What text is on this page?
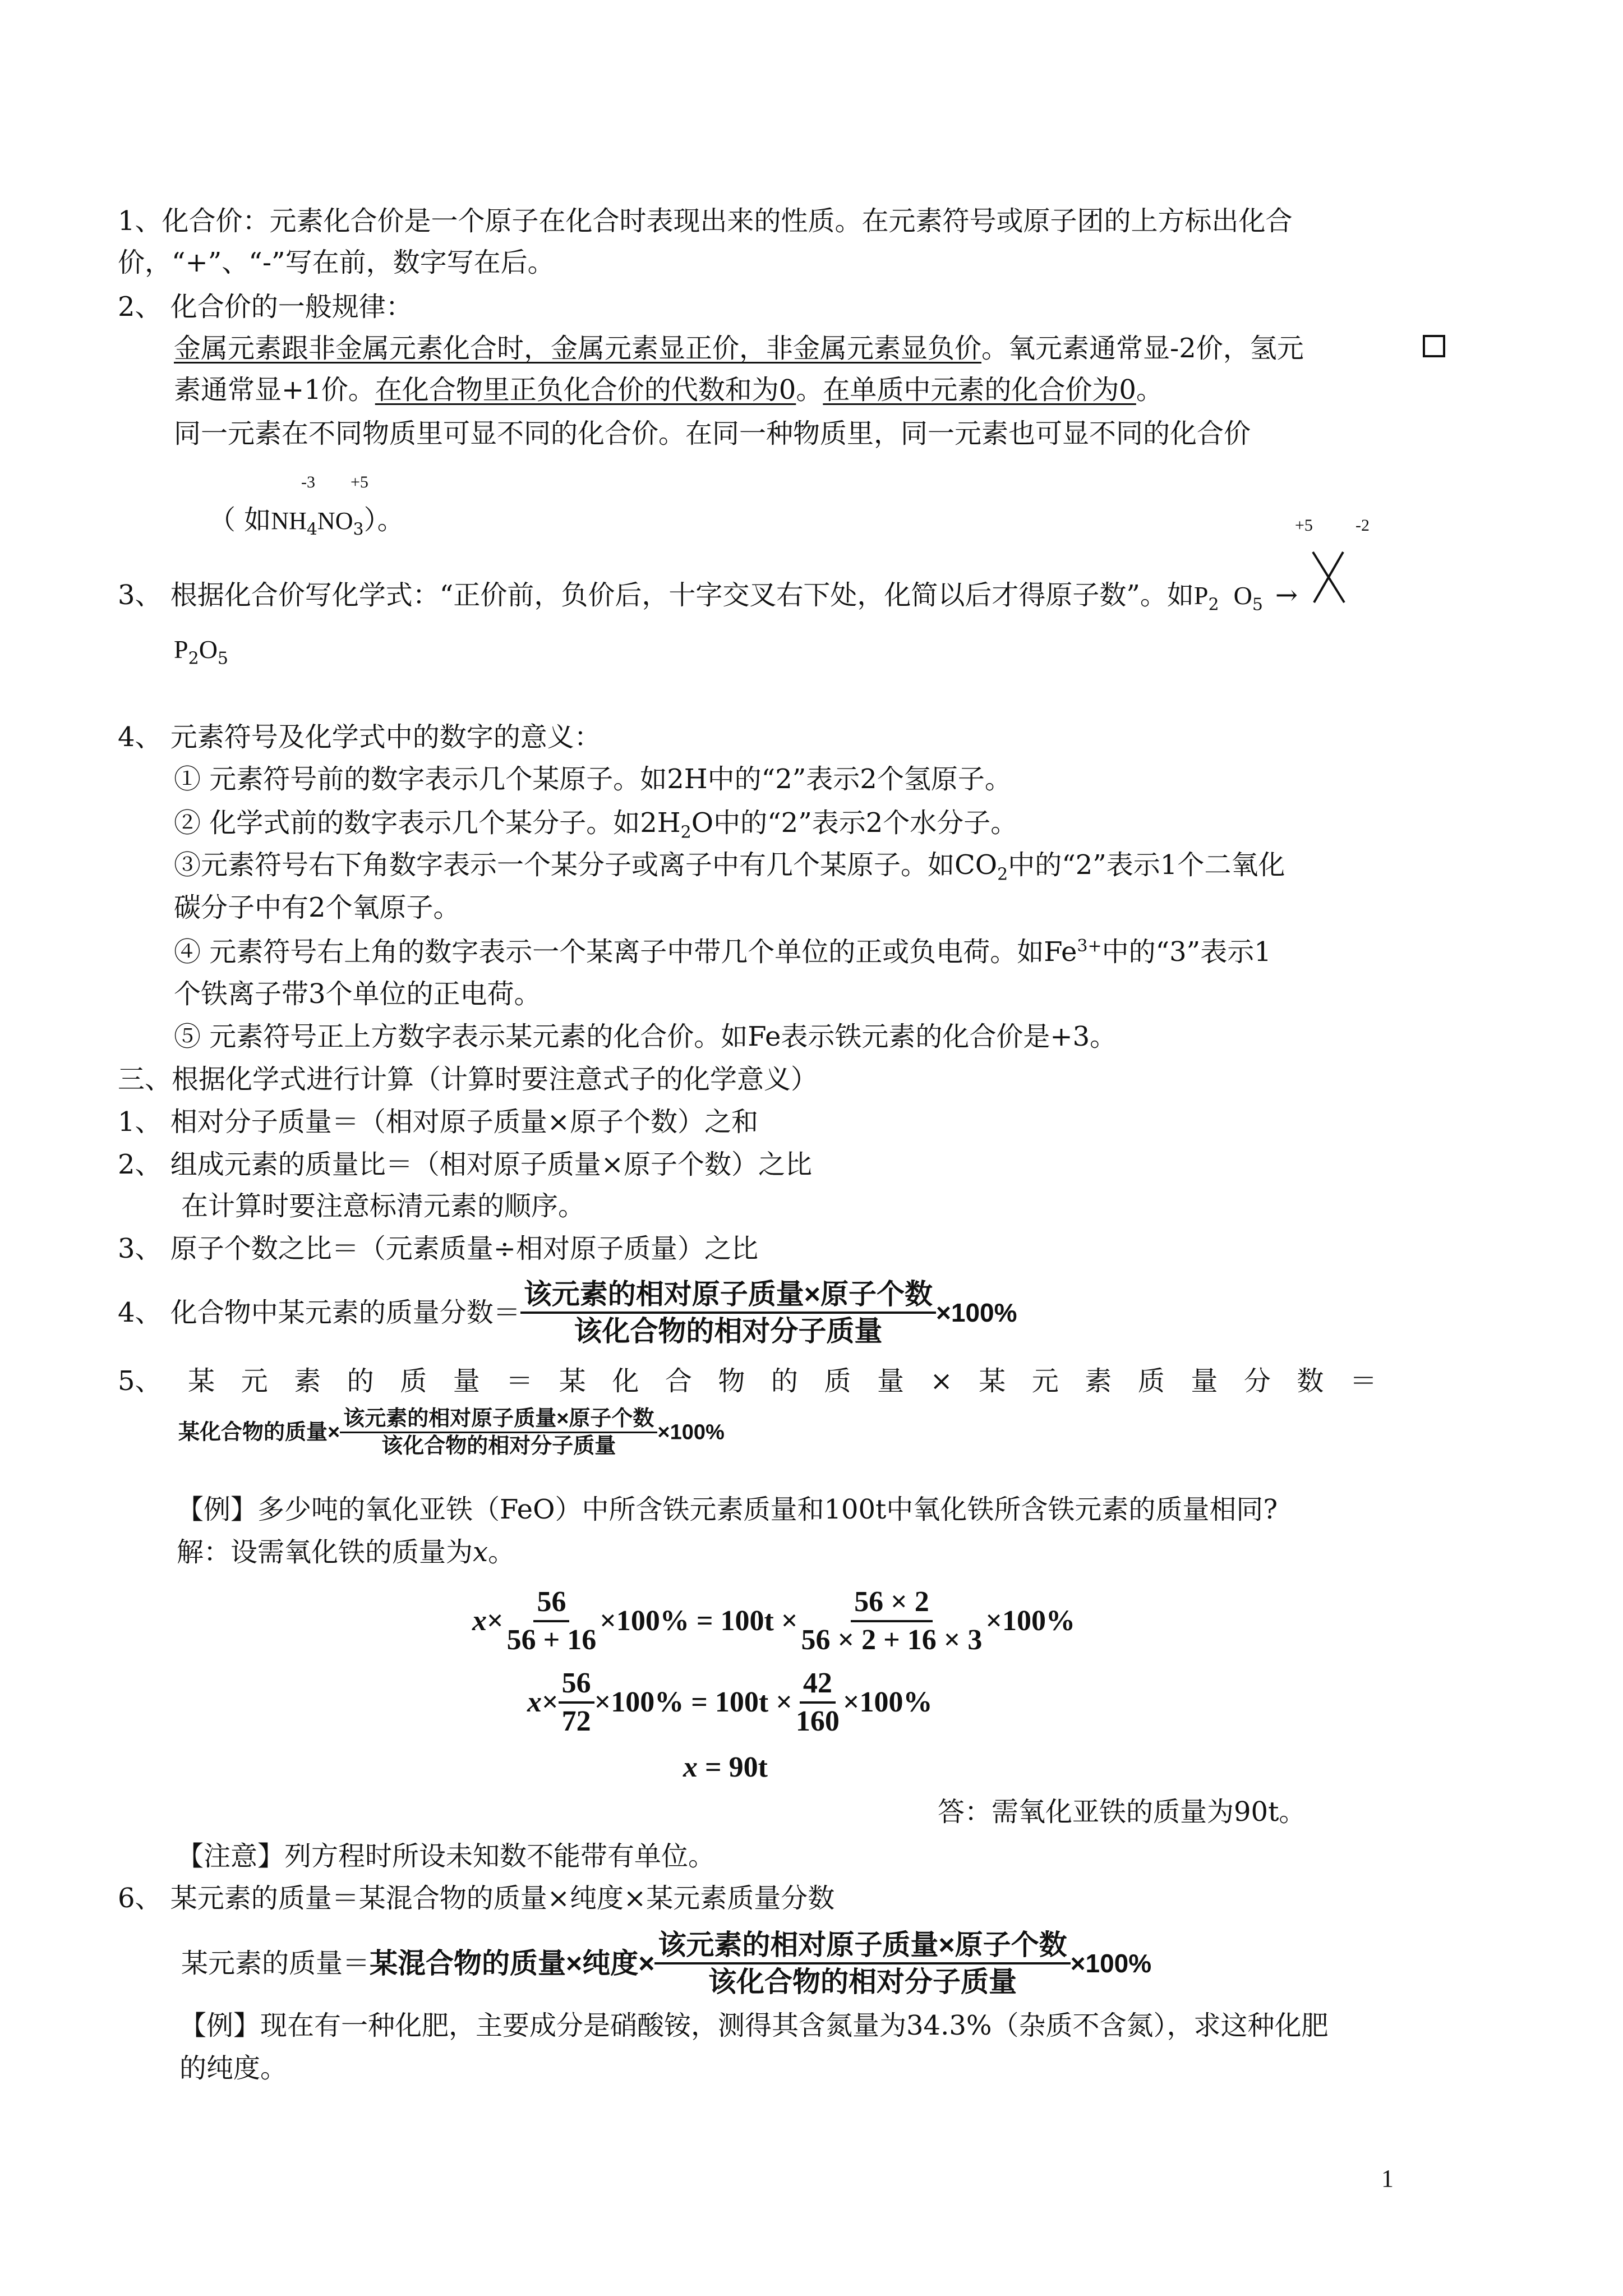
1、化合价：元素化合价是一个原子在化合时表现出来的性质。在元素符号或原子团的上方标出化合
价，“+”、“-”写在前，数字写在后。
2、 化合价的一般规律：
金属元素跟非金属元素化合时，金属元素显正价，非金属元素显负价。氧元素通常显-2价，氢元
素通常显+1价。在化合物里正负化合价的代数和为0。在单质中元素的化合价为0。
同一元素在不同物质里可显不同的化合价。在同一种物质里，同一元素也可显不同的化合价
-3 +5
（ 如$NH_4NO_3$）。	+5	-2
3、 根据化合价写化学式：“正价前，负价后，十字交叉右下处，化简以后才得原子数”。如$P_2$ $O_5$ →
$P_2O_5$
4、 元素符号及化学式中的数字的意义：
① 元素符号前的数字表示几个某原子。如2H中的“2”表示2个氢原子。
② 化学式前的数字表示几个某分子。如$2H_2O$中的“2”表示2个水分子。
③元素符号右下角数字表示一个某分子或离子中有几个某原子。如$CO_2$中的“2”表示1个二氧化
碳分子中有2个氧原子。
④ 元素符号右上角的数字表示一个某离子中带几个单位的正或负电荷。如$Fe^{3+}$中的“3”表示1
个铁离子带3个单位的正电荷。
⑤ 元素符号正上方数字表示某元素的化合价。如Fe表示铁元素的化合价是+3。
三、根据化学式进行计算（计算时要注意式子的化学意义）
1、 相对分子质量＝（相对原子质量×原子个数）之和
2、 组成元素的质量比＝（相对原子质量×原子个数）之比
在计算时要注意标清元素的顺序。
3、 原子个数之比＝（元素质量÷相对原子质量）之比
4、 化合物中某元素的质量分数＝ $\frac{\text{该元素的相对原子质量×原子个数}}{\text{该化合物的相对分子质量}} \times 100\%$
5、 某 元 素 的 质 量 ＝ 某 化 合 物 的 质 量 × 某 元 素 质 量 分 数 ＝
某化合物的质量× $\frac{\text{该元素的相对原子质量×原子个数}}{\text{该化合物的相对分子质量}} \times 100\%$
【例】多少吨的氧化亚铁（FeO）中所含铁元素质量和100t中氧化铁所含铁元素的质量相同?
解：设需氧化铁的质量为x。
$x\times \frac{56}{56 + 16} \times 100\% = 100t \times \frac{56 \times 2}{56 \times 2 + 16 \times 3} \times 100\%$
$x\times \frac{56}{72} \times 100\% = 100t \times \frac{42}{160} \times 100\%$
x = 90t
答：需氧化亚铁的质量为90t。
【注意】列方程时所设未知数不能带有单位。
6、 某元素的质量＝某混合物的质量×纯度×某元素质量分数
某元素的质量＝某混合物的质量×纯度× $\frac{\text{该元素的相对原子质量×原子个数}}{\text{该化合物的相对分子质量}} \times 100\%$
【例】现在有一种化肥，主要成分是硝酸铵，测得其含氮量为34.3%（杂质不含氮），求这种化肥
的纯度。
1
